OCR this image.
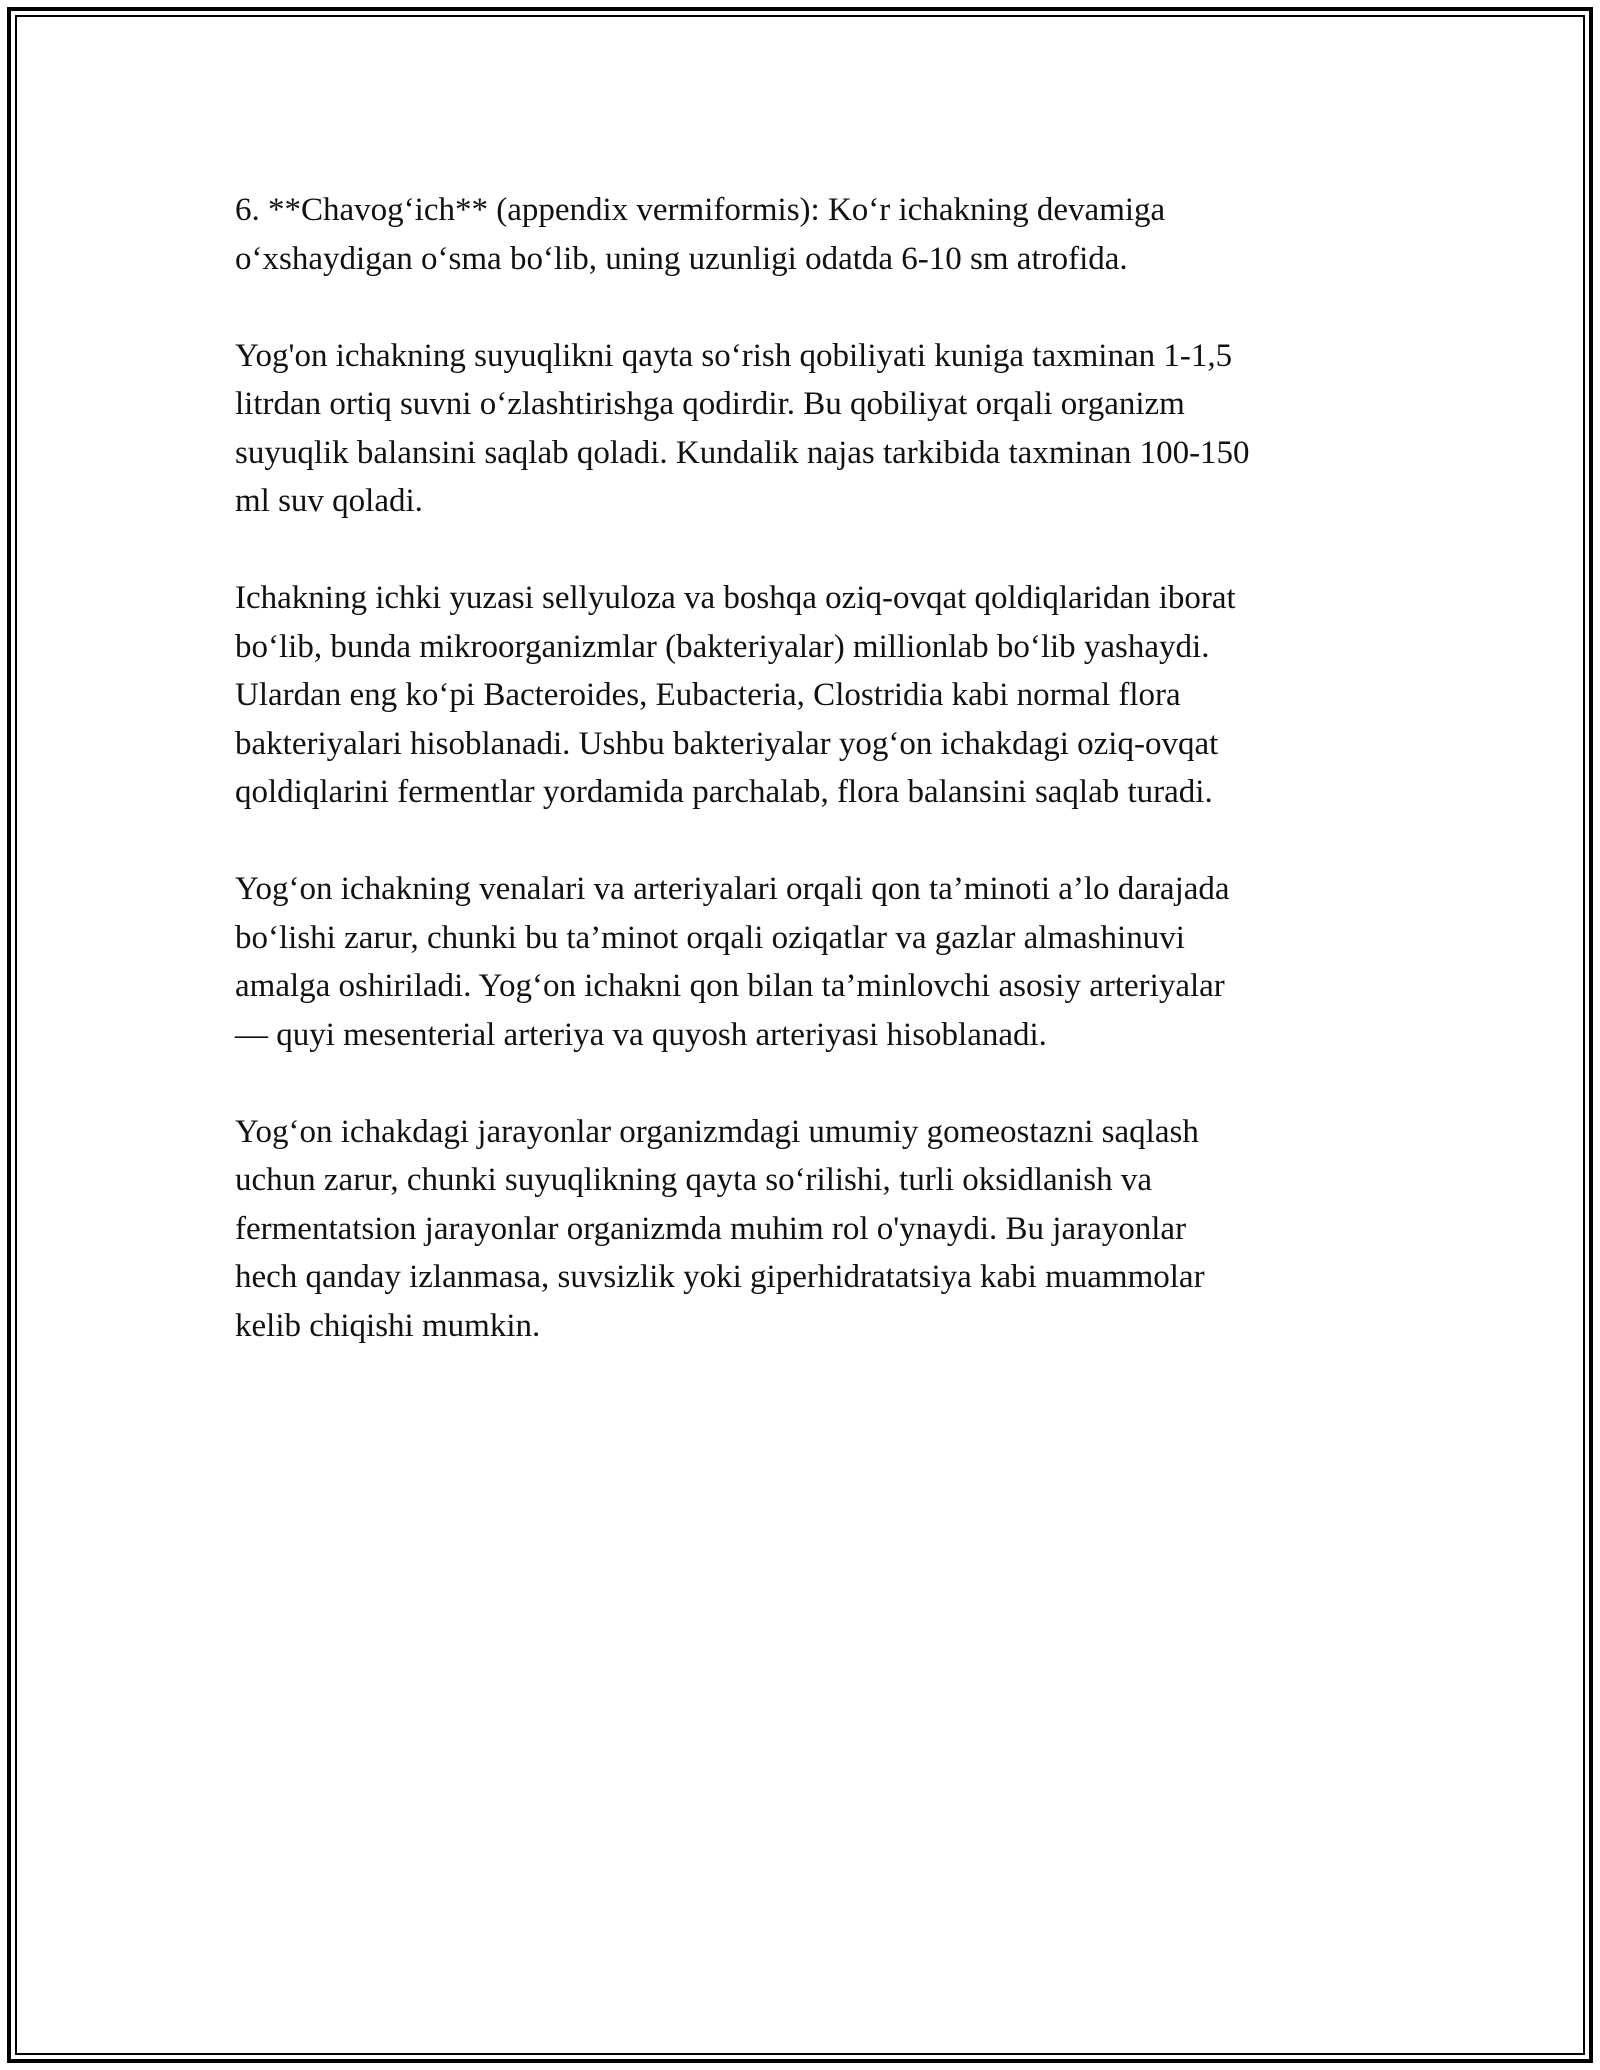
6. **Chavog‘ich** (appendix vermiformis): Ko‘r ichakning devamiga
o‘xshaydigan o‘sma bo‘lib, uning uzunligi odatda 6-10 sm atrofida.

Yog'on ichakning suyuqlikni qayta so‘rish qobiliyati kuniga taxminan 1-1,5
litrdan ortiq suvni o‘zlashtirishga qodirdir. Bu qobiliyat orqali organizm
suyuqlik balansini saqlab qoladi. Kundalik najas tarkibida taxminan 100-150
ml suv qoladi.

Ichakning ichki yuzasi sellyuloza va boshqa oziq-ovqat qoldiqlaridan iborat
bo‘lib, bunda mikroorganizmlar (bakteriyalar) millionlab bo‘lib yashaydi.
Ulardan eng ko‘pi Bacteroides, Eubacteria, Clostridia kabi normal flora
bakteriyalari hisoblanadi. Ushbu bakteriyalar yog‘on ichakdagi oziq-ovqat
qoldiqlarini fermentlar yordamida parchalab, flora balansini saqlab turadi.

Yog‘on ichakning venalari va arteriyalari orqali qon ta’minoti a’lo darajada
bo‘lishi zarur, chunki bu ta’minot orqali oziqatlar va gazlar almashinuvi
amalga oshiriladi. Yog‘on ichakni qon bilan ta’minlovchi asosiy arteriyalar
— quyi mesenterial arteriya va quyosh arteriyasi hisoblanadi.

Yog‘on ichakdagi jarayonlar organizmdagi umumiy gomeostazni saqlash
uchun zarur, chunki suyuqlikning qayta so‘rilishi, turli oksidlanish va
fermentatsion jarayonlar organizmda muhim rol o'ynaydi. Bu jarayonlar
hech qanday izlanmasa, suvsizlik yoki giperhidratatsiya kabi muammolar
kelib chiqishi mumkin.
